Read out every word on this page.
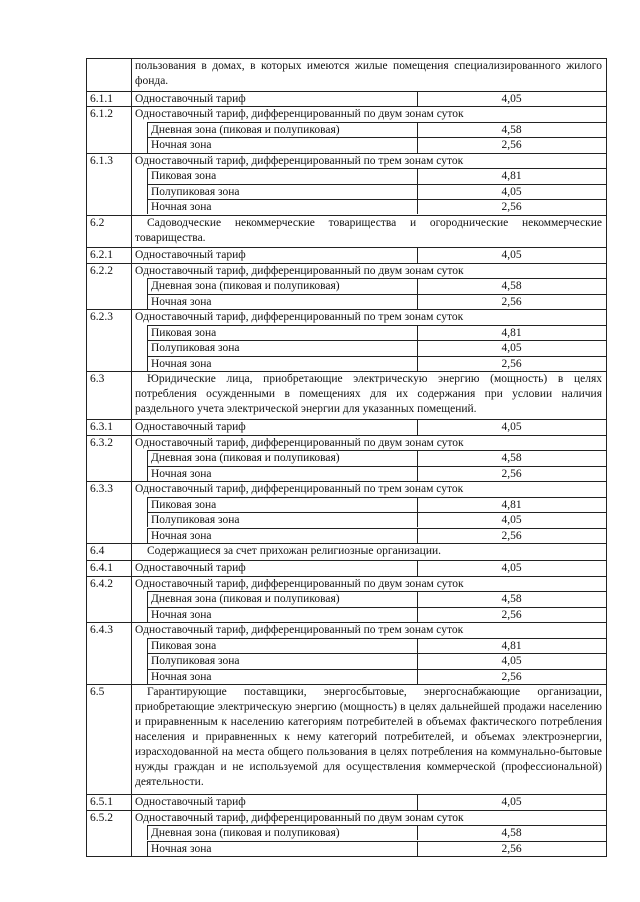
пользования в домах, в которых имеются жилые помещения специализированного жилого фонда.
6.1.1 Одноставочный тариф	4,05
6.1.2 Одноставочный тариф, дифференцированный по двум зонам суток
Дневная зона (пиковая и полупиковая)	4,58
Ночная зона	2,56
6.1.3 Одноставочный тариф, дифференцированный по трем зонам суток
Пиковая зона	4,81
Полупиковая зона	4,05
Ночная зона	2,56
6.2	Садоводческие некоммерческие товарищества и огороднические некоммерческие товарищества.
6.2.1 Одноставочный тариф	4,05
6.2.2 Одноставочный тариф, дифференцированный по двум зонам суток
Дневная зона (пиковая и полупиковая)	4,58
Ночная зона	2,56
6.2.3 Одноставочный тариф, дифференцированный по трем зонам суток
Пиковая зона	4,81
Полупиковая зона	4,05
Ночная зона	2,56
6.3	Юридические лица, приобретающие электрическую энергию (мощность) в целях потребления осужденными в помещениях для их содержания при условии наличия раздельного учета электрической энергии для указанных помещений.
6.3.1 Одноставочный тариф	4,05
6.3.2 Одноставочный тариф, дифференцированный по двум зонам суток
Дневная зона (пиковая и полупиковая)	4,58
Ночная зона	2,56
6.3.3 Одноставочный тариф, дифференцированный по трем зонам суток
Пиковая зона	4,81
Полупиковая зона	4,05
Ночная зона	2,56
6.4	Содержащиеся за счет прихожан религиозные организации.
6.4.1 Одноставочный тариф	4,05
6.4.2 Одноставочный тариф, дифференцированный по двум зонам суток
Дневная зона (пиковая и полупиковая)	4,58
Ночная зона	2,56
6.4.3 Одноставочный тариф, дифференцированный по трем зонам суток
Пиковая зона	4,81
Полупиковая зона	4,05
Ночная зона	2,56
6.5	Гарантирующие поставщики, энергосбытовые, энергоснабжающие организации, приобретающие электрическую энергию (мощность) в целях дальнейшей продажи населению и приравненным к населению категориям потребителей в объемах фактического потребления населения и приравненных к нему категорий потребителей, и объемах электроэнергии, израсходованной на места общего пользования в целях потребления на коммунально-бытовые нужды граждан и не используемой для осуществления коммерческой (профессиональной) деятельности.
6.5.1 Одноставочный тариф	4,05
6.5.2 Одноставочный тариф, дифференцированный по двум зонам суток
Дневная зона (пиковая и полупиковая)	4,58
Ночная зона	2,56
